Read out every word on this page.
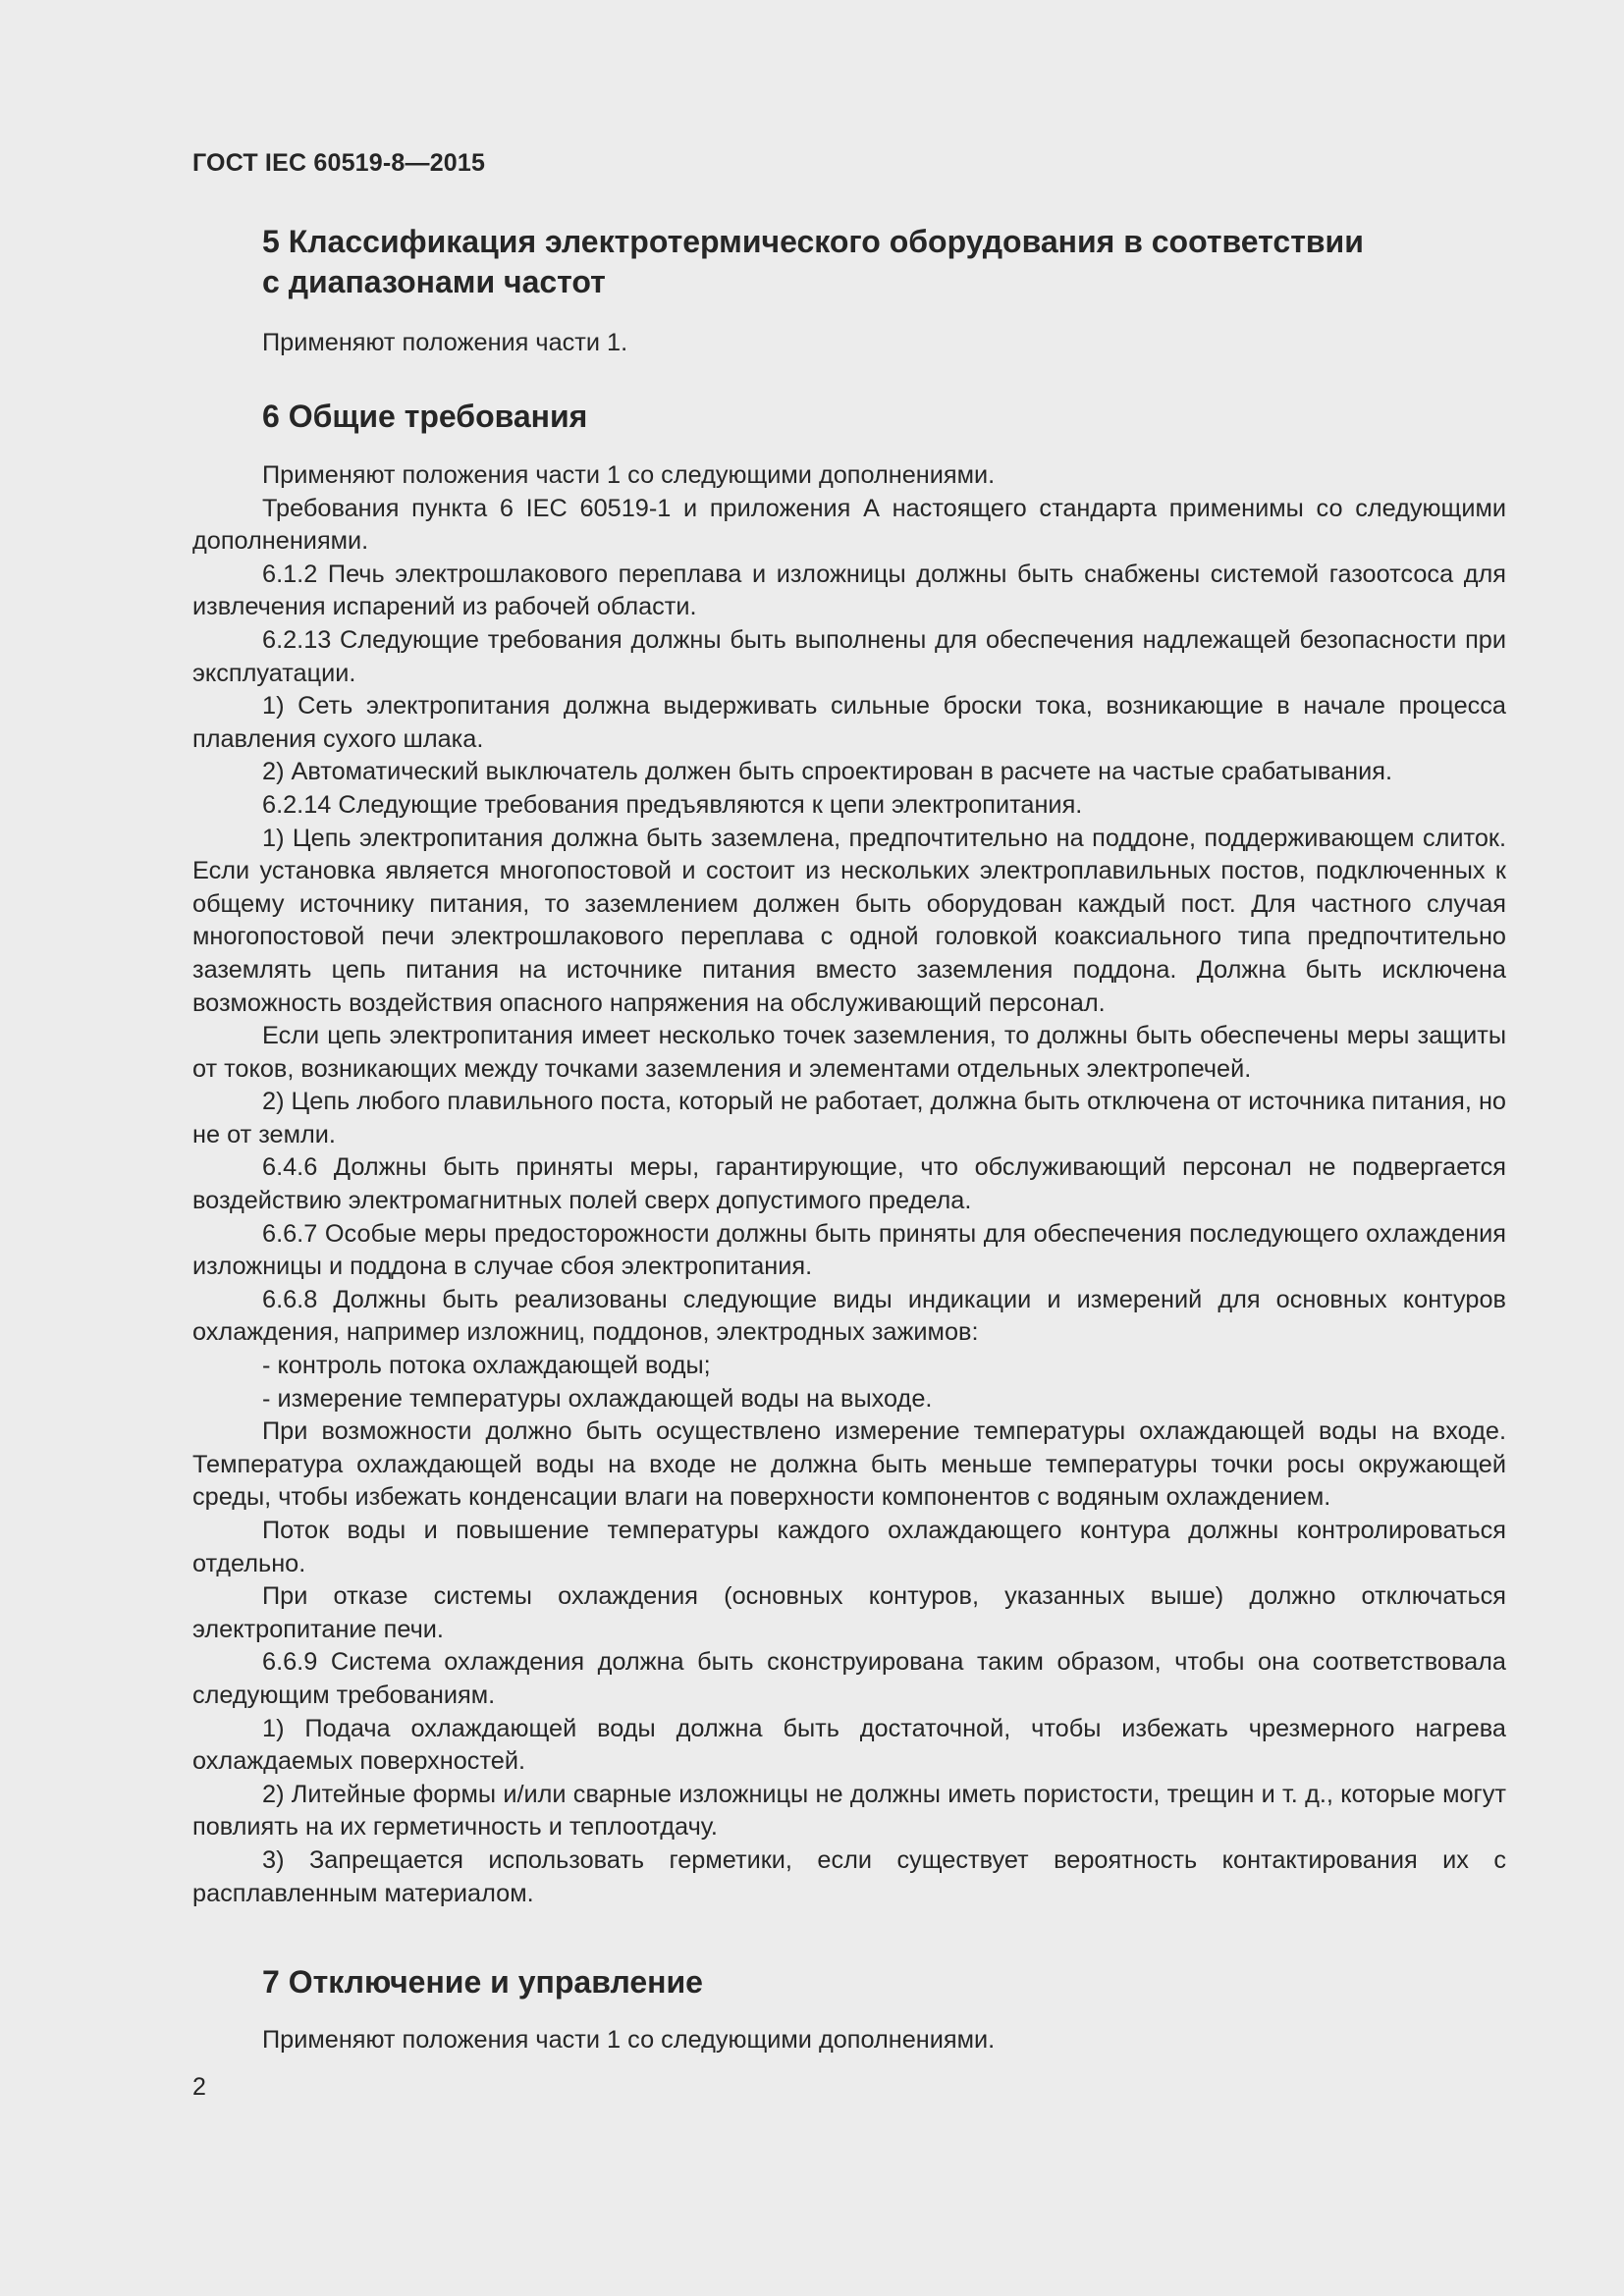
ГОСТ IEC 60519-8—2015
5 Классификация электротермического оборудования в соответствии
с диапазонами частот

Применяют положения части 1.

6 Общие требования

Применяют положения части 1 со следующими дополнениями.

Требования пункта 6 IEC 60519-1 и приложения А настоящего стандарта применимы со следующими дополнениями.

6.1.2 Печь электрошлакового переплава и изложницы должны быть снабжены системой газоотсоса для извлечения испарений из рабочей области.

6.2.13 Следующие требования должны быть выполнены для обеспечения надлежащей безопасности при эксплуатации.

1) Сеть электропитания должна выдерживать сильные броски тока, возникающие в начале процесса плавления сухого шлака.

2) Автоматический выключатель должен быть спроектирован в расчете на частые срабатывания.

6.2.14 Следующие требования предъявляются к цепи электропитания.

1) Цепь электропитания должна быть заземлена, предпочтительно на поддоне, поддерживающем слиток. Если установка является многопостовой и состоит из нескольких электроплавильных постов, подключенных к общему источнику питания, то заземлением должен быть оборудован каждый пост. Для частного случая многопостовой печи электрошлакового переплава с одной головкой коаксиального типа предпочтительно заземлять цепь питания на источнике питания вместо заземления поддона. Должна быть исключена возможность воздействия опасного напряжения на обслуживающий персонал.

Если цепь электропитания имеет несколько точек заземления, то должны быть обеспечены меры защиты от токов, возникающих между точками заземления и элементами отдельных электропечей.

2) Цепь любого плавильного поста, который не работает, должна быть отключена от источника питания, но не от земли.

6.4.6 Должны быть приняты меры, гарантирующие, что обслуживающий персонал не подвергается воздействию электромагнитных полей сверх допустимого предела.

6.6.7 Особые меры предосторожности должны быть приняты для обеспечения последующего охлаждения изложницы и поддона в случае сбоя электропитания.

6.6.8 Должны быть реализованы следующие виды индикации и измерений для основных контуров охлаждения, например изложниц, поддонов, электродных зажимов:

- контроль потока охлаждающей воды;

- измерение температуры охлаждающей воды на выходе.

При возможности должно быть осуществлено измерение температуры охлаждающей воды на входе. Температура охлаждающей воды на входе не должна быть меньше температуры точки росы окружающей среды, чтобы избежать конденсации влаги на поверхности компонентов с водяным охлаждением.

Поток воды и повышение температуры каждого охлаждающего контура должны контролироваться отдельно.

При отказе системы охлаждения (основных контуров, указанных выше) должно отключаться электропитание печи.

6.6.9 Система охлаждения должна быть сконструирована таким образом, чтобы она соответствовала следующим требованиям.

1) Подача охлаждающей воды должна быть достаточной, чтобы избежать чрезмерного нагрева охлаждаемых поверхностей.

2) Литейные формы и/или сварные изложницы не должны иметь пористости, трещин и т. д., которые могут повлиять на их герметичность и теплоотдачу.

3) Запрещается использовать герметики, если существует вероятность контактирования их с расплавленным материалом.

7 Отключение и управление

Применяют положения части 1 со следующими дополнениями.

2
